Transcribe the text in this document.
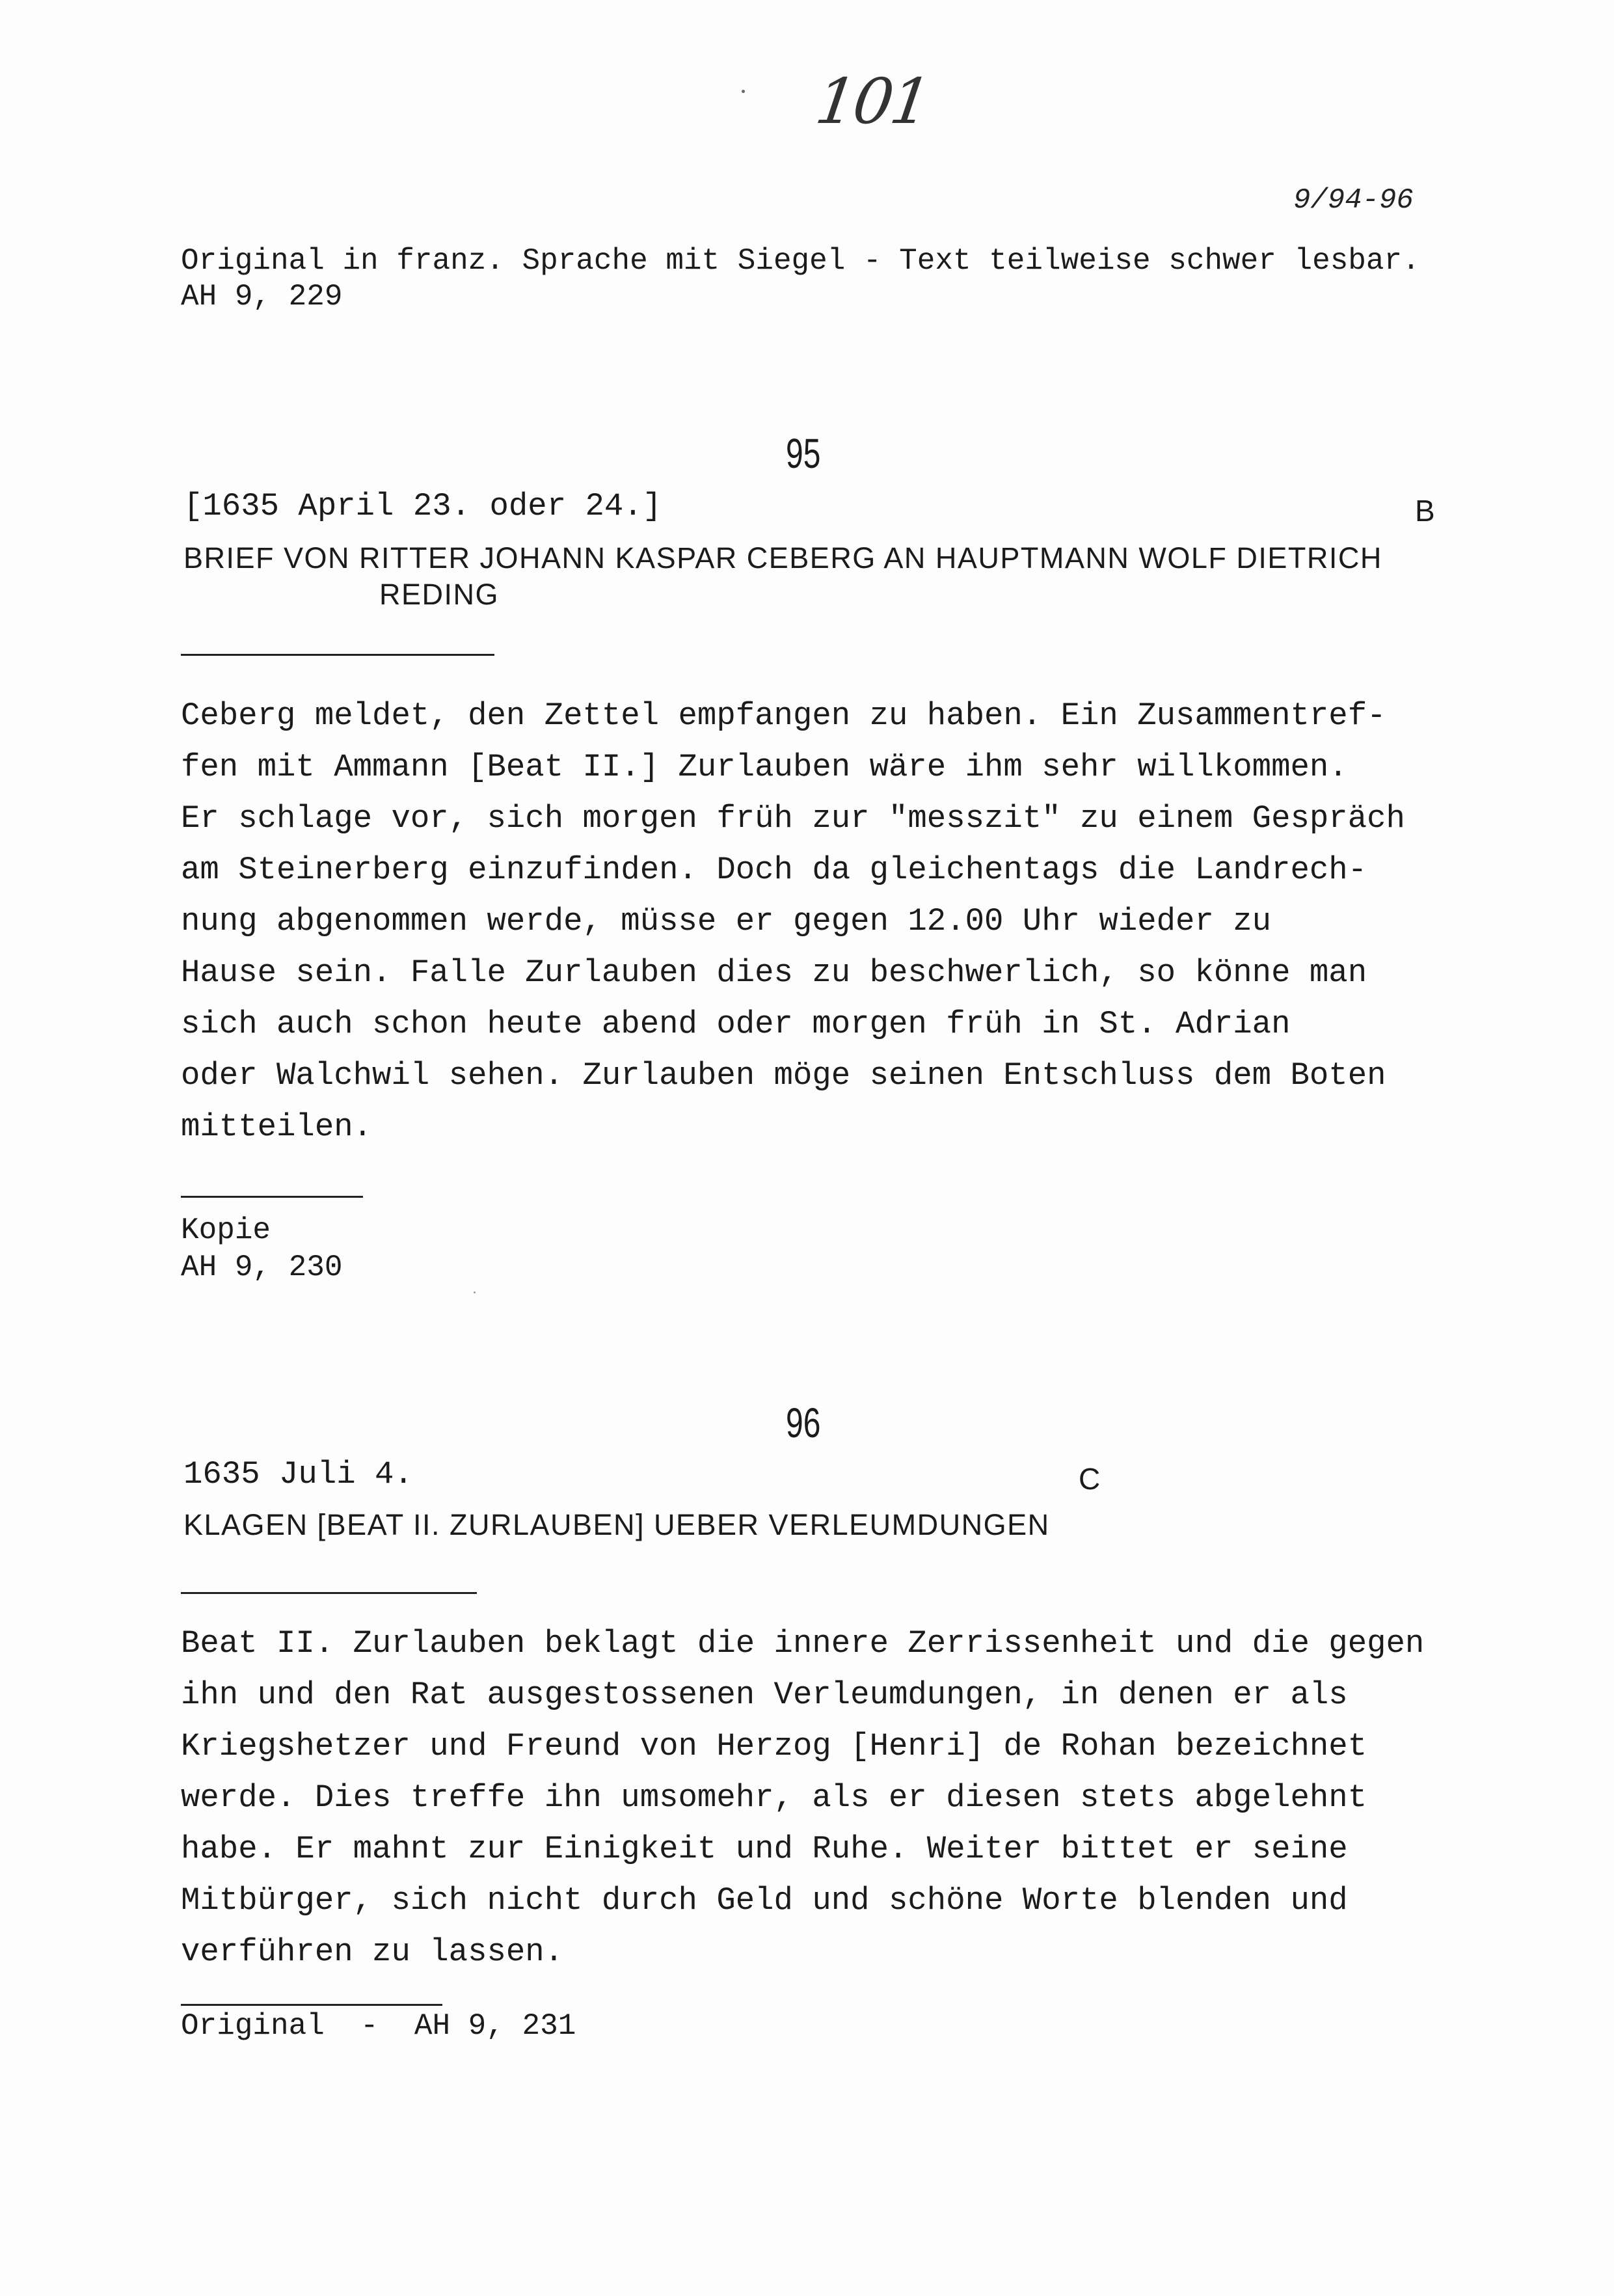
101
9/94-96
Original in franz. Sprache mit Siegel - Text teilweise schwer lesbar.
AH 9, 229
95
[1635 April 23. oder 24.]	B
BRIEF VON RITTER JOHANN KASPAR CEBERG AN HAUPTMANN WOLF DIETRICH
REDING
Ceberg meldet, den Zettel empfangen zu haben. Ein Zusammentref-
fen mit Ammann [Beat II.] Zurlauben wäre ihm sehr willkommen.
Er schlage vor, sich morgen früh zur "messzit" zu einem Gespräch
am Steinerberg einzufinden. Doch da gleichentags die Landrech-
nung abgenommen werde, müsse er gegen 12.00 Uhr wieder zu
Hause sein. Falle Zurlauben dies zu beschwerlich, so könne man
sich auch schon heute abend oder morgen früh in St. Adrian
oder Walchwil sehen. Zurlauben möge seinen Entschluss dem Boten
mitteilen.
Kopie
AH 9, 230
96
1635 Juli 4.	C
KLAGEN [BEAT II. ZURLAUBEN] UEBER VERLEUMDUNGEN
Beat II. Zurlauben beklagt die innere Zerrissenheit und die gegen
ihn und den Rat ausgestossenen Verleumdungen, in denen er als
Kriegshetzer und Freund von Herzog [Henri] de Rohan bezeichnet
werde. Dies treffe ihn umsomehr, als er diesen stets abgelehnt
habe. Er mahnt zur Einigkeit und Ruhe. Weiter bittet er seine
Mitbürger, sich nicht durch Geld und schöne Worte blenden und
verführen zu lassen.
Original  -  AH 9, 231
